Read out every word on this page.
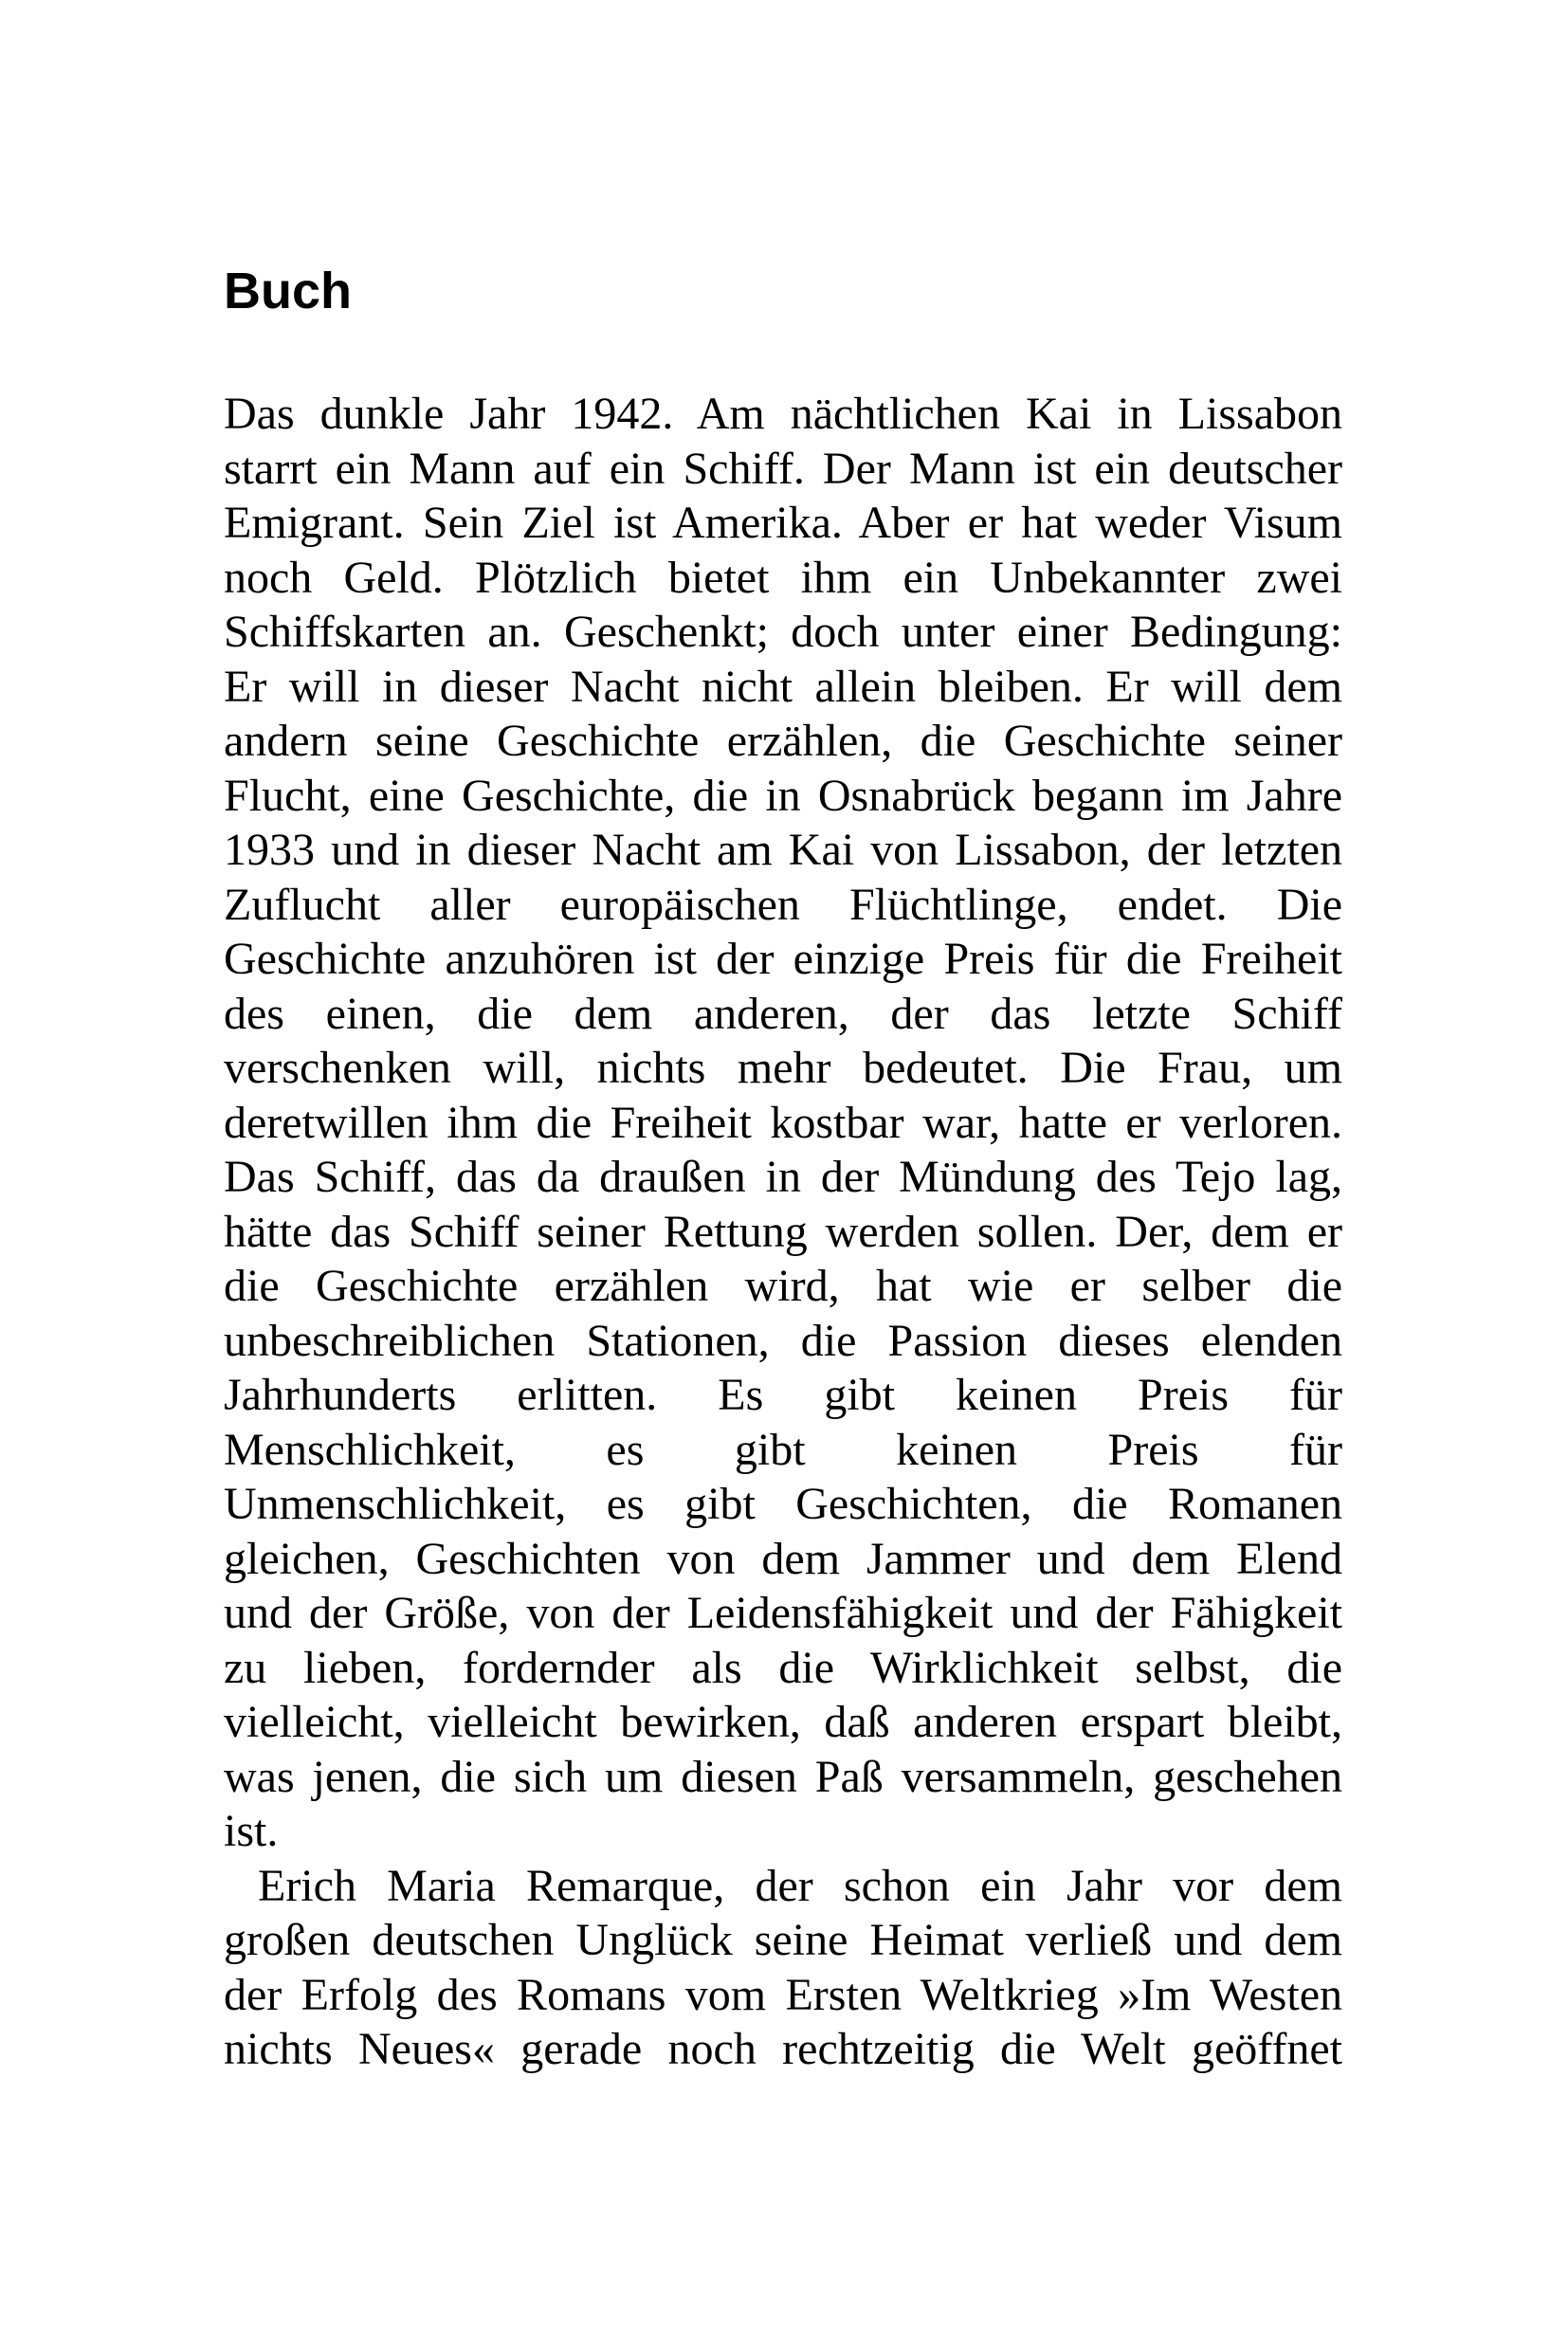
Buch
Das dunkle Jahr 1942. Am nächtlichen Kai in Lissabon
starrt ein Mann auf ein Schiff. Der Mann ist ein deutscher
Emigrant. Sein Ziel ist Amerika. Aber er hat weder Visum
noch Geld. Plötzlich bietet ihm ein Unbekannter zwei
Schiffskarten an. Geschenkt; doch unter einer Bedingung:
Er will in dieser Nacht nicht allein bleiben. Er will dem
andern seine Geschichte erzählen, die Geschichte seiner
Flucht, eine Geschichte, die in Osnabrück begann im Jahre
1933 und in dieser Nacht am Kai von Lissabon, der letzten
Zuflucht aller europäischen Flüchtlinge, endet. Die
Geschichte anzuhören ist der einzige Preis für die Freiheit
des einen, die dem anderen, der das letzte Schiff
verschenken will, nichts mehr bedeutet. Die Frau, um
deretwillen ihm die Freiheit kostbar war, hatte er verloren.
Das Schiff, das da draußen in der Mündung des Tejo lag,
hätte das Schiff seiner Rettung werden sollen. Der, dem er
die Geschichte erzählen wird, hat wie er selber die
unbeschreiblichen Stationen, die Passion dieses elenden
Jahrhunderts erlitten. Es gibt keinen Preis für
Menschlichkeit, es gibt keinen Preis für
Unmenschlichkeit, es gibt Geschichten, die Romanen
gleichen, Geschichten von dem Jammer und dem Elend
und der Größe, von der Leidensfähigkeit und der Fähigkeit
zu lieben, fordernder als die Wirklichkeit selbst, die
vielleicht, vielleicht bewirken, daß anderen erspart bleibt,
was jenen, die sich um diesen Paß versammeln, geschehen
ist.
Erich Maria Remarque, der schon ein Jahr vor dem
großen deutschen Unglück seine Heimat verließ und dem
der Erfolg des Romans vom Ersten Weltkrieg »Im Westen
nichts Neues« gerade noch rechtzeitig die Welt geöffnet
